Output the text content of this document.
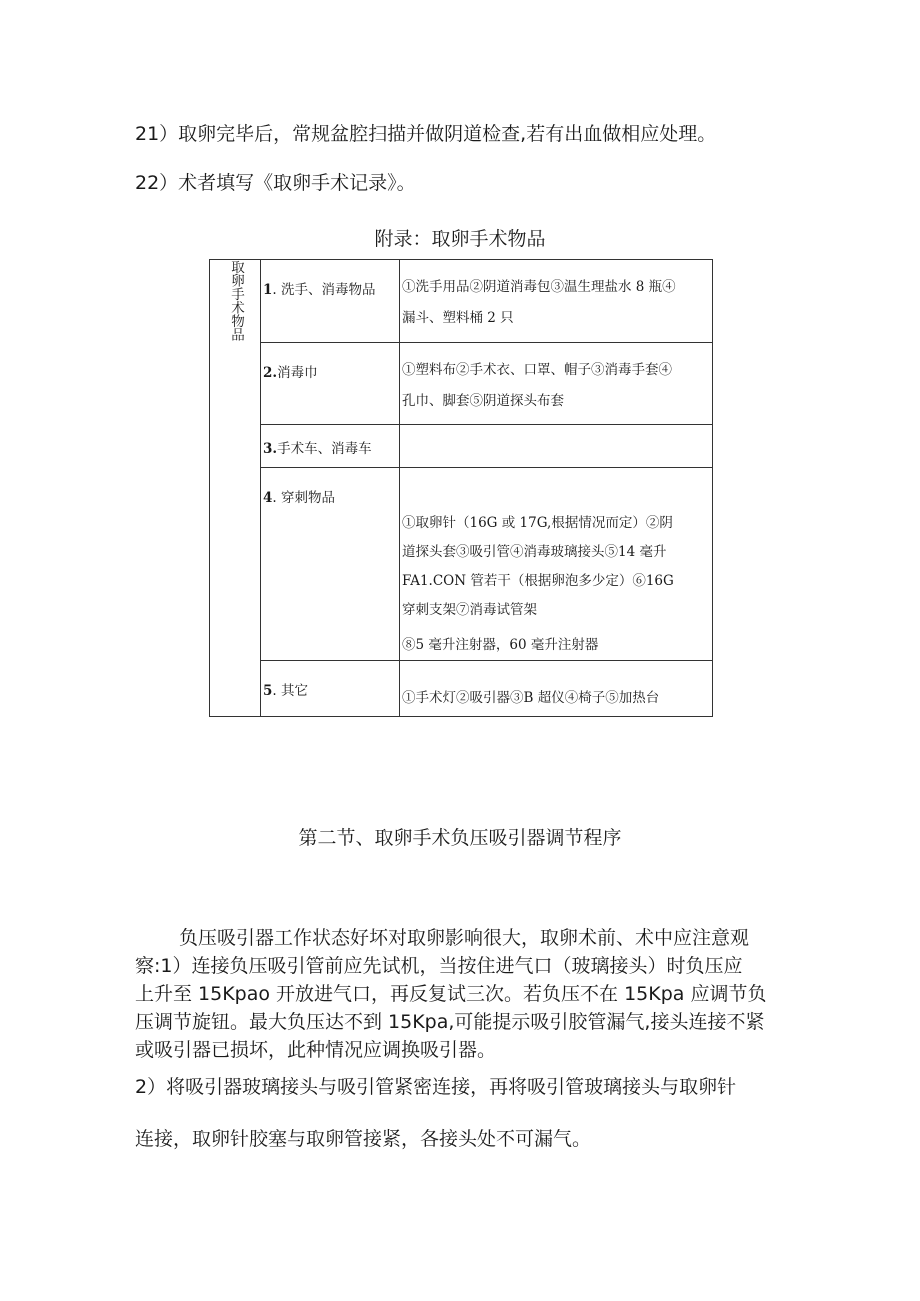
21）取卵完毕后，常规盆腔扫描并做阴道检查,若有出血做相应处理。
22）术者填写《取卵手术记录》。
附录：取卵手术物品
取卵手术物品	1. 洗手、消毒物品	①洗手用品②阴道消毒包③温生理盐水 8 瓶④
漏斗、塑料桶 2 只

	2.消毒巾	①塑料布②手术衣、口罩、帽子③消毒手套④
孔巾、脚套⑤阴道探头布套

	3.手术车、消毒车	

	4. 穿刺物品	①取卵针（16G 或 17G,根据情况而定）②阴
道探头套③吸引管④消毒玻璃接头⑤14 毫升
FA1.CON 管若干（根据卵泡多少定）⑥16G
穿刺支架⑦消毒试管架
⑧5 毫升注射器，60 毫升注射器

	5. 其它	①手术灯②吸引器③B 超仪④椅子⑤加热台
第二节、取卵手术负压吸引器调节程序
负压吸引器工作状态好坏对取卵影响很大，取卵术前、术中应注意观
察:1）连接负压吸引管前应先试机，当按住进气口（玻璃接头）时负压应
上升至 15Kpao 开放进气口，再反复试三次。若负压不在 15Kpa 应调节负
压调节旋钮。最大负压达不到 15Kpa,可能提示吸引胶管漏气,接头连接不紧
或吸引器已损坏，此种情况应调换吸引器。
2）将吸引器玻璃接头与吸引管紧密连接，再将吸引管玻璃接头与取卵针
连接，取卵针胶塞与取卵管接紧，各接头处不可漏气。
